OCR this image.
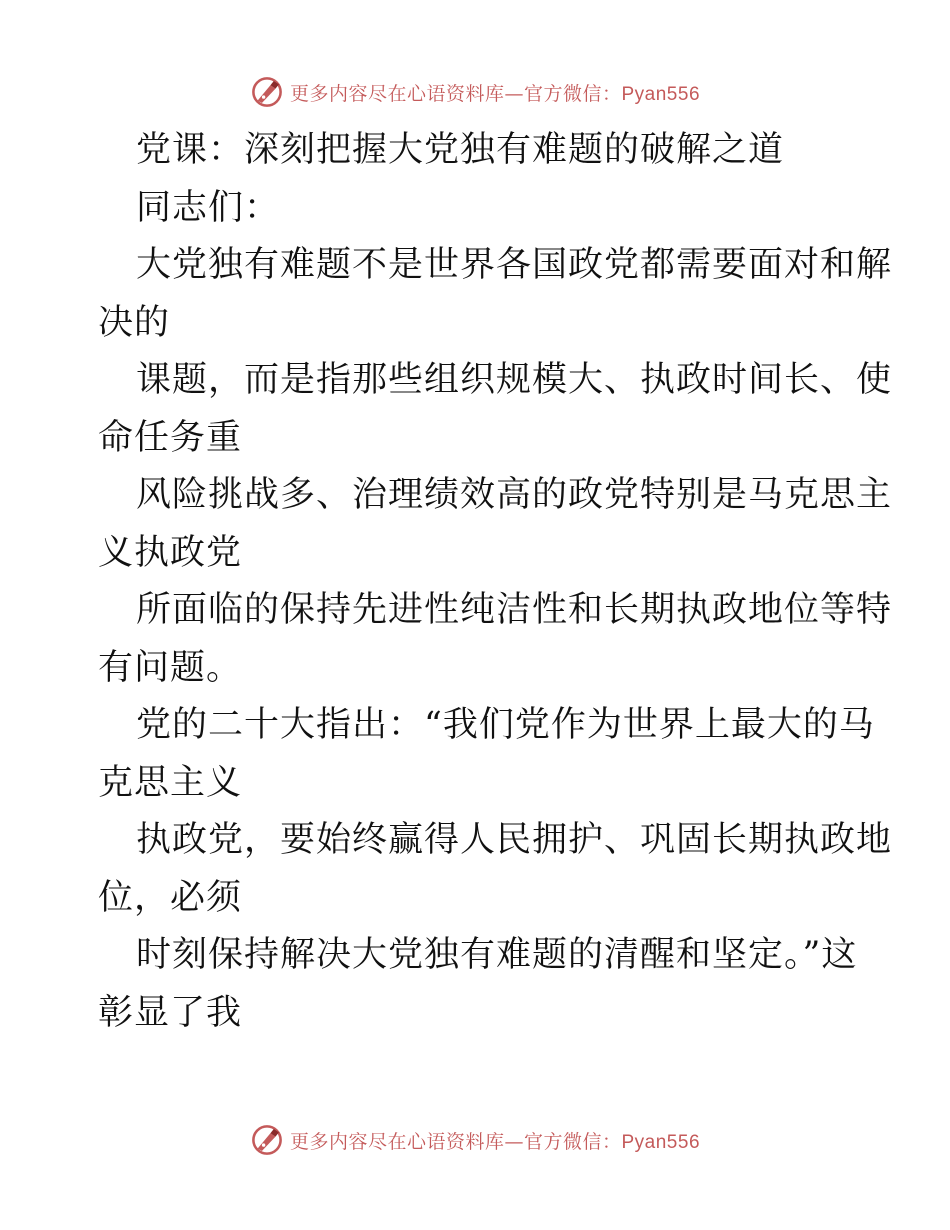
更多内容尽在心语资料库—官方微信：Pyan556
党课：深刻把握大党独有难题的破解之道
同志们：
大党独有难题不是世界各国政党都需要面对和解
决的
课题，而是指那些组织规模大、执政时间长、使
命任务重
风险挑战多、治理绩效高的政党特别是马克思主
义执政党
所面临的保持先进性纯洁性和长期执政地位等特
有问题。
党的二十大指出：“我们党作为世界上最大的马
克思主义
执政党，要始终赢得人民拥护、巩固长期执政地
位，必须
时刻保持解决大党独有难题的清醒和坚定。”这
彰显了我
更多内容尽在心语资料库—官方微信：Pyan556
